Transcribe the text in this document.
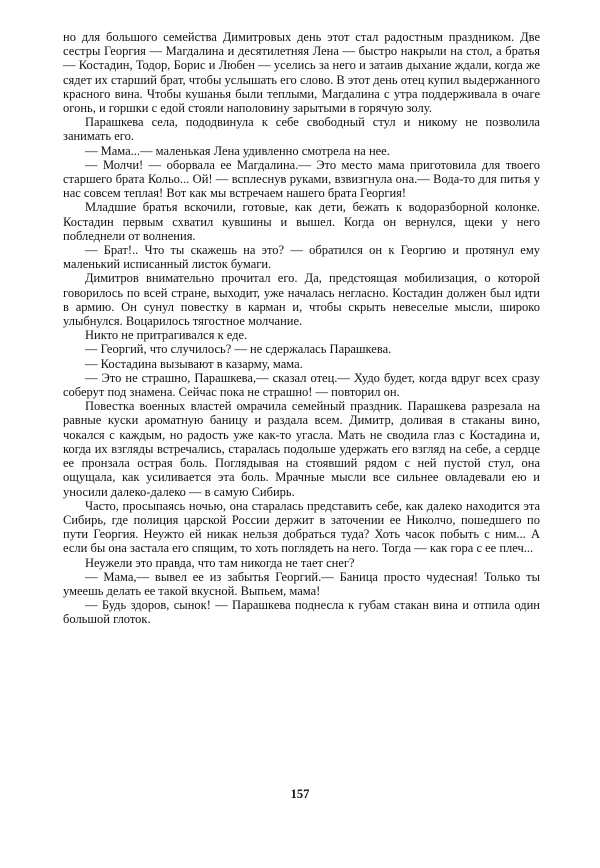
но для большого семейства Димитровых день этот стал радостным праздником. Две сестры Георгия — Магдалина и десятилетняя Лена — быстро накрыли на стол, а братья — Костадин, Тодор, Борис и Любен — уселись за него и затаив дыхание ждали, когда же сядет их старший брат, чтобы услышать его слово. В этот день отец купил выдержанного красного вина. Чтобы кушанья были теплыми, Магдалина с утра поддерживала в очаге огонь, и горшки с едой стояли наполовину зарытыми в горячую золу.

Парашкева села, пододвинула к себе свободный стул и никому не позволила занимать его.

— Мама...— маленькая Лена удивленно смотрела на нее.

— Молчи! — оборвала ее Магдалина.— Это место мама приготовила для твоего старшего брата Кольо... Ой! — всплеснув руками, взвизгнула она.— Вода-то для питья у нас совсем теплая! Вот как мы встречаем нашего брата Георгия!

Младшие братья вскочили, готовые, как дети, бежать к водоразборной колонке. Костадин первым схватил кувшины и вышел. Когда он вернулся, щеки у него побледнели от волнения.

— Брат!.. Что ты скажешь на это? — обратился он к Георгию и протянул ему маленький исписанный листок бумаги.

Димитров внимательно прочитал его. Да, предстоящая мобилизация, о которой говорилось по всей стране, выходит, уже началась негласно. Костадин должен был идти в армию. Он сунул повестку в карман и, чтобы скрыть невеселые мысли, широко улыбнулся. Воцарилось тягостное молчание.

Никто не притрагивался к еде.

— Георгий, что случилось? — не сдержалась Парашкева.

— Костадина вызывают в казарму, мама.

— Это не страшно, Парашкева,— сказал отец.— Худо будет, когда вдруг всех сразу соберут под знамена. Сейчас пока не страшно! — повторил он.

Повестка военных властей омрачила семейный праздник. Парашкева разрезала на равные куски ароматную баницу и раздала всем. Димитр, доливая в стаканы вино, чокался с каждым, но радость уже как-то угасла. Мать не сводила глаз с Костадина и, когда их взгляды встречались, старалась подольше удержать его взгляд на себе, а сердце ее пронзала острая боль. Поглядывая на стоявший рядом с ней пустой стул, она ощущала, как усиливается эта боль. Мрачные мысли все сильнее овладевали ею и уносили далеко-далеко — в самую Сибирь.

Часто, просыпаясь ночью, она старалась представить себе, как далеко находится эта Сибирь, где полиция царской России держит в заточении ее Николчо, пошедшего по пути Георгия. Неужто ей никак нельзя добраться туда? Хоть часок побыть с ним... А если бы она застала его спящим, то хоть поглядеть на него. Тогда — как гора с ее плеч...

Неужели это правда, что там никогда не тает снег?

— Мама,— вывел ее из забытья Георгий.— Баница просто чудесная! Только ты умеешь делать ее такой вкусной. Выпьем, мама!

— Будь здоров, сынок! — Парашкева поднесла к губам стакан вина и отпила один большой глоток.

157
